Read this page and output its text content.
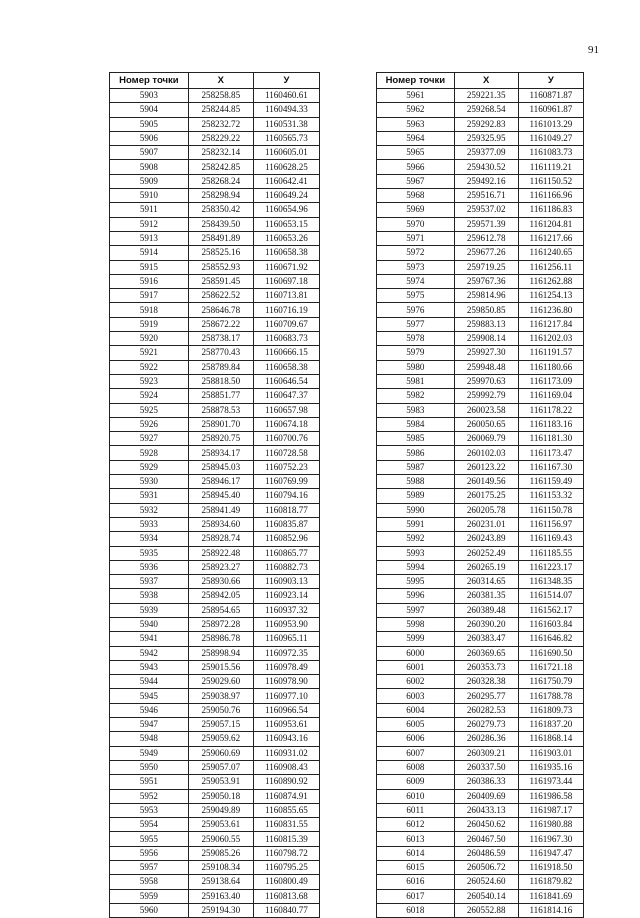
91
Номер точки	X	У
5903	258258.85	1160460.61
5904	258244.85	1160494.33
5905	258232.72	1160531.38
5906	258229.22	1160565.73
5907	258232.14	1160605.01
5908	258242.85	1160628.25
5909	258268.24	1160642.41
5910	258298.94	1160649.24
5911	258350.42	1160654.96
5912	258439.50	1160653.15
5913	258491.89	1160653.26
5914	258525.16	1160658.38
5915	258552.93	1160671.92
5916	258591.45	1160697.18
5917	258622.52	1160713.81
5918	258646.78	1160716.19
5919	258672.22	1160709.67
5920	258738.17	1160683.73
5921	258770.43	1160666.15
5922	258789.84	1160658.38
5923	258818.50	1160646.54
5924	258851.77	1160647.37
5925	258878.53	1160657.98
5926	258901.70	1160674.18
5927	258920.75	1160700.76
5928	258934.17	1160728.58
5929	258945.03	1160752.23
5930	258946.17	1160769.99
5931	258945.40	1160794.16
5932	258941.49	1160818.77
5933	258934.60	1160835.87
5934	258928.74	1160852.96
5935	258922.48	1160865.77
5936	258923.27	1160882.73
5937	258930.66	1160903.13
5938	258942.05	1160923.14
5939	258954.65	1160937.32
5940	258972.28	1160953.90
5941	258986.78	1160965.11
5942	258998.94	1160972.35
5943	259015.56	1160978.49
5944	259029.60	1160978.90
5945	259038.97	1160977.10
5946	259050.76	1160966.54
5947	259057.15	1160953.61
5948	259059.62	1160943.16
5949	259060.69	1160931.02
5950	259057.07	1160908.43
5951	259053.91	1160890.92
5952	259050.18	1160874.91
5953	259049.89	1160855.65
5954	259053.61	1160831.55
5955	259060.55	1160815.39
5956	259085.26	1160798.72
5957	259108.34	1160795.25
5958	259138.64	1160800.49
5959	259163.40	1160813.68
5960	259194.30	1160840.77
Номер точки	X	У
5961	259221.35	1160871.87
5962	259268.54	1160961.87
5963	259292.83	1161013.29
5964	259325.95	1161049.27
5965	259377.09	1161083.73
5966	259430.52	1161119.21
5967	259492.16	1161150.52
5968	259516.71	1161166.96
5969	259537.02	1161186.83
5970	259571.39	1161204.81
5971	259612.78	1161217.66
5972	259677.26	1161240.65
5973	259719.25	1161256.11
5974	259767.36	1161262.88
5975	259814.96	1161254.13
5976	259850.85	1161236.80
5977	259883.13	1161217.84
5978	259908.14	1161202.03
5979	259927.30	1161191.57
5980	259948.48	1161180.66
5981	259970.63	1161173.09
5982	259992.79	1161169.04
5983	260023.58	1161178.22
5984	260050.65	1161183.16
5985	260069.79	1161181.30
5986	260102.03	1161173.47
5987	260123.22	1161167.30
5988	260149.56	1161159.49
5989	260175.25	1161153.32
5990	260205.78	1161150.78
5991	260231.01	1161156.97
5992	260243.89	1161169.43
5993	260252.49	1161185.55
5994	260265.19	1161223.17
5995	260314.65	1161348.35
5996	260381.35	1161514.07
5997	260389.48	1161562.17
5998	260390.20	1161603.84
5999	260383.47	1161646.82
6000	260369.65	1161690.50
6001	260353.73	1161721.18
6002	260328.38	1161750.79
6003	260295.77	1161788.78
6004	260282.53	1161809.73
6005	260279.73	1161837.20
6006	260286.36	1161868.14
6007	260309.21	1161903.01
6008	260337.50	1161935.16
6009	260386.33	1161973.44
6010	260409.69	1161986.58
6011	260433.13	1161987.17
6012	260450.62	1161980.88
6013	260467.50	1161967.30
6014	260486.59	1161947.47
6015	260506.72	1161918.50
6016	260524.60	1161879.82
6017	260540.14	1161841.69
6018	260552.88	1161814.16
